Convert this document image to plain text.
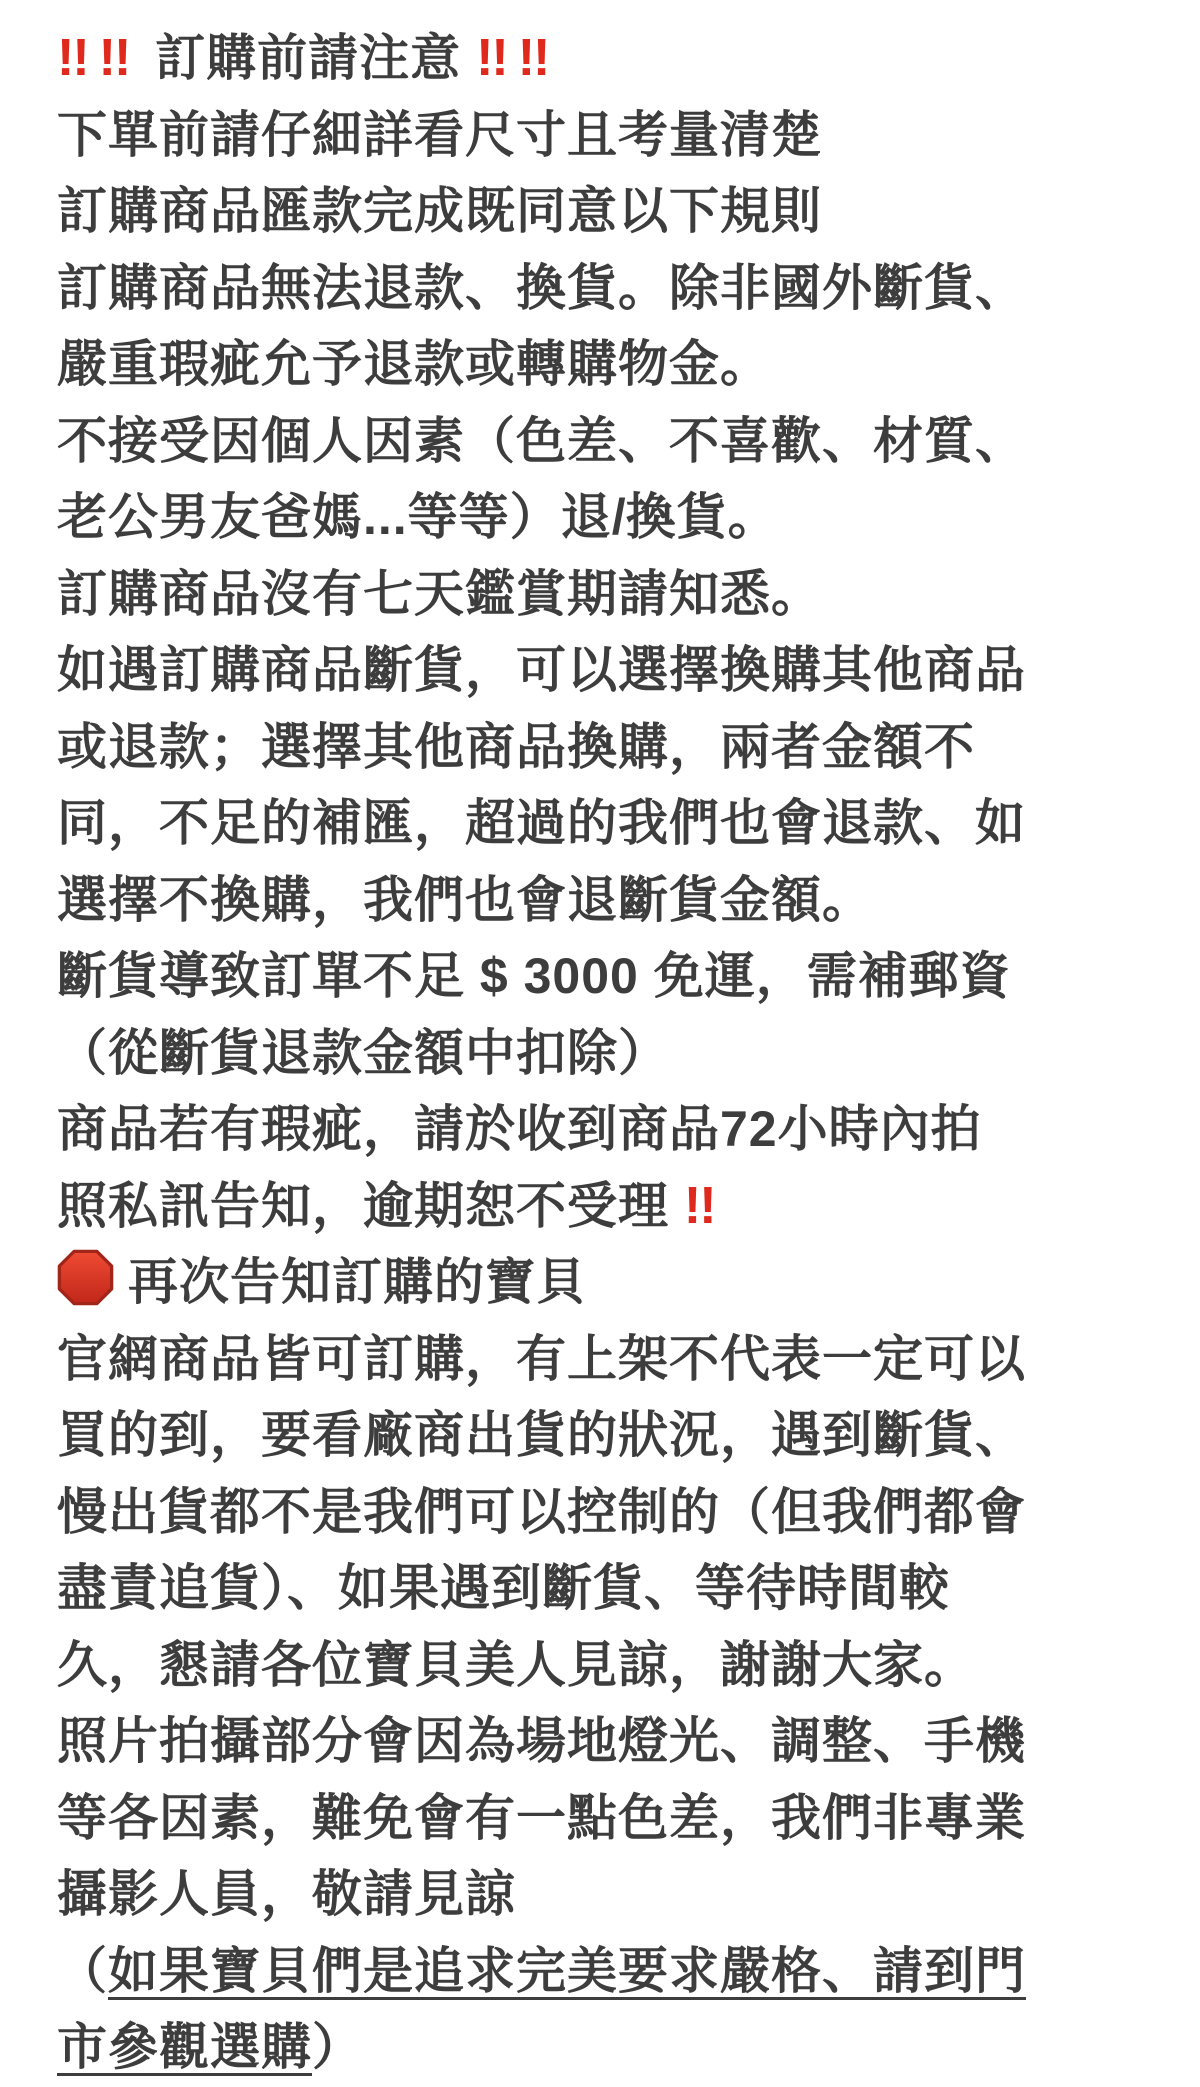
!! !! 訂購前請注意 !! !!
下單前請仔細詳看尺寸且考量清楚
訂購商品匯款完成既同意以下規則
訂購商品無法退款、換貨。除非國外斷貨、
嚴重瑕疵允予退款或轉購物金。
不接受因個人因素（色差、不喜歡、材質、
老公男友爸媽...等等）退/換貨。
訂購商品沒有七天鑑賞期請知悉。
如遇訂購商品斷貨，可以選擇換購其他商品
或退款；選擇其他商品換購，兩者金額不
同，不足的補匯，超過的我們也會退款、如
選擇不換購，我們也會退斷貨金額。
斷貨導致訂單不足 $ 3000 免運，需補郵資
（從斷貨退款金額中扣除）
商品若有瑕疵，請於收到商品72小時內拍
照私訊告知，逾期恕不受理 !!
再次告知訂購的寶貝
官網商品皆可訂購，有上架不代表一定可以
買的到，要看廠商出貨的狀況，遇到斷貨、
慢出貨都不是我們可以控制的（但我們都會
盡責追貨）、如果遇到斷貨、等待時間較
久，懇請各位寶貝美人見諒，謝謝大家。
照片拍攝部分會因為場地燈光、調整、手機
等各因素，難免會有一點色差，我們非專業
攝影人員，敬請見諒
（如果寶貝們是追求完美要求嚴格、請到門
市參觀選購）
